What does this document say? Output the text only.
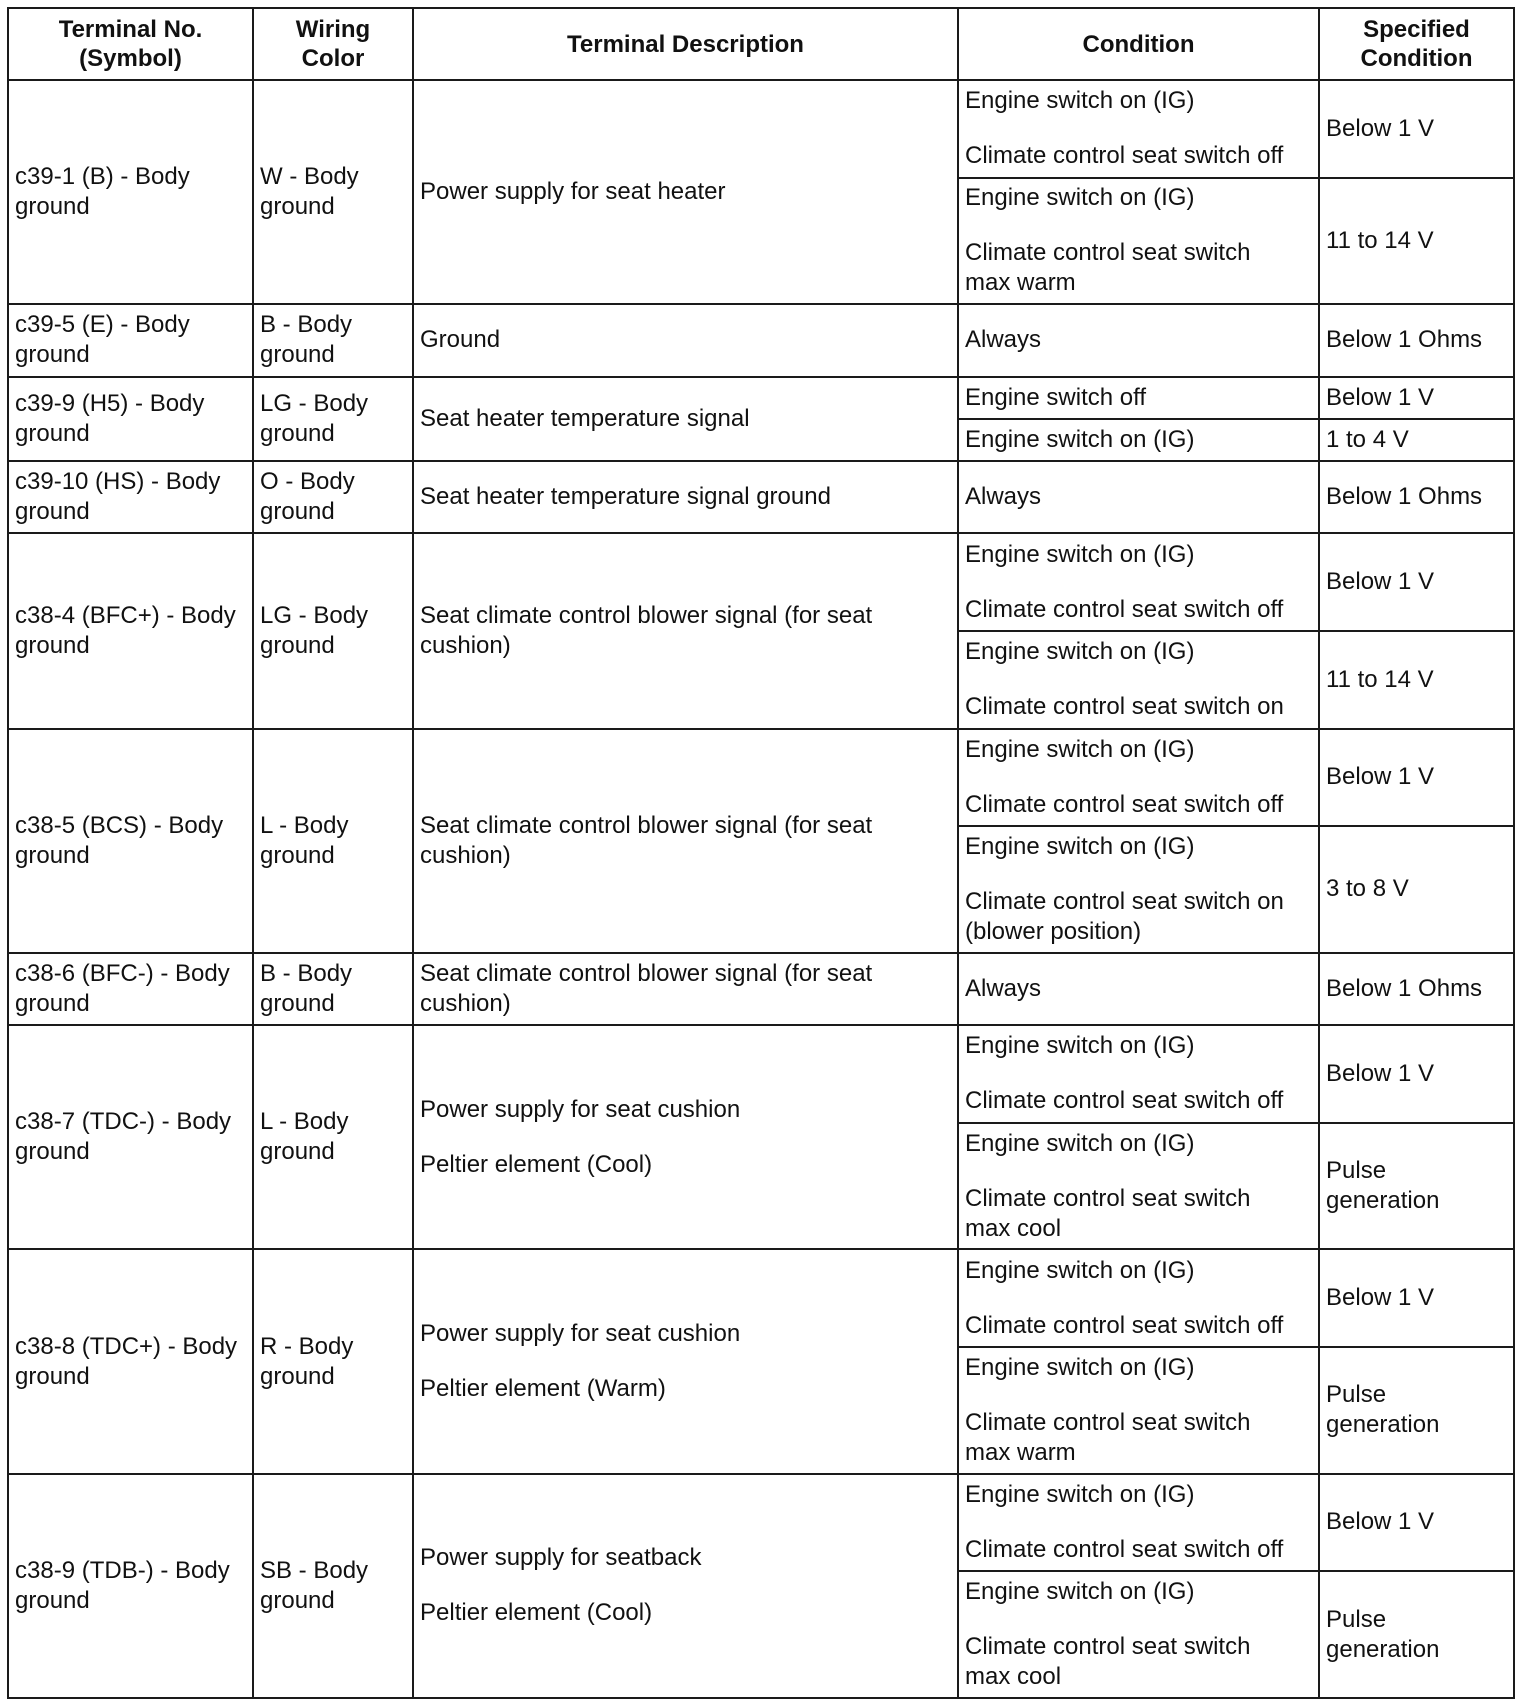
Terminal No.
(Symbol)	Wiring
Color	Terminal Description	Condition	Specified
Condition

c39-1 (B) - Body
ground	W - Body
ground	Power supply for seat heater	Engine switch on (IG)
Climate control seat switch off	Below 1 V

			Engine switch on (IG)
Climate control seat switch
max warm	11 to 14 V

c39-5 (E) - Body
ground	B - Body
ground	Ground	Always	Below 1 Ohms

c39-9 (H5) - Body
ground	LG - Body
ground	Seat heater temperature signal	Engine switch off	Below 1 V

			Engine switch on (IG)	1 to 4 V

c39-10 (HS) - Body
ground	O - Body
ground	Seat heater temperature signal ground	Always	Below 1 Ohms

c38-4 (BFC+) - Body
ground	LG - Body
ground	Seat climate control blower signal (for seat
cushion)	Engine switch on (IG)
Climate control seat switch off	Below 1 V

			Engine switch on (IG)
Climate control seat switch on	11 to 14 V

c38-5 (BCS) - Body
ground	L - Body
ground	Seat climate control blower signal (for seat
cushion)	Engine switch on (IG)
Climate control seat switch off	Below 1 V

			Engine switch on (IG)
Climate control seat switch on
(blower position)	3 to 8 V

c38-6 (BFC-) - Body
ground	B - Body
ground	Seat climate control blower signal (for seat
cushion)	Always	Below 1 Ohms

c38-7 (TDC-) - Body
ground	L - Body
ground	Power supply for seat cushion
Peltier element (Cool)	Engine switch on (IG)
Climate control seat switch off	Below 1 V

			Engine switch on (IG)
Climate control seat switch
max cool	Pulse
generation

c38-8 (TDC+) - Body
ground	R - Body
ground	Power supply for seat cushion
Peltier element (Warm)	Engine switch on (IG)
Climate control seat switch off	Below 1 V

			Engine switch on (IG)
Climate control seat switch
max warm	Pulse
generation

c38-9 (TDB-) - Body
ground	SB - Body
ground	Power supply for seatback
Peltier element (Cool)	Engine switch on (IG)
Climate control seat switch off	Below 1 V

			Engine switch on (IG)
Climate control seat switch
max cool	Pulse
generation
